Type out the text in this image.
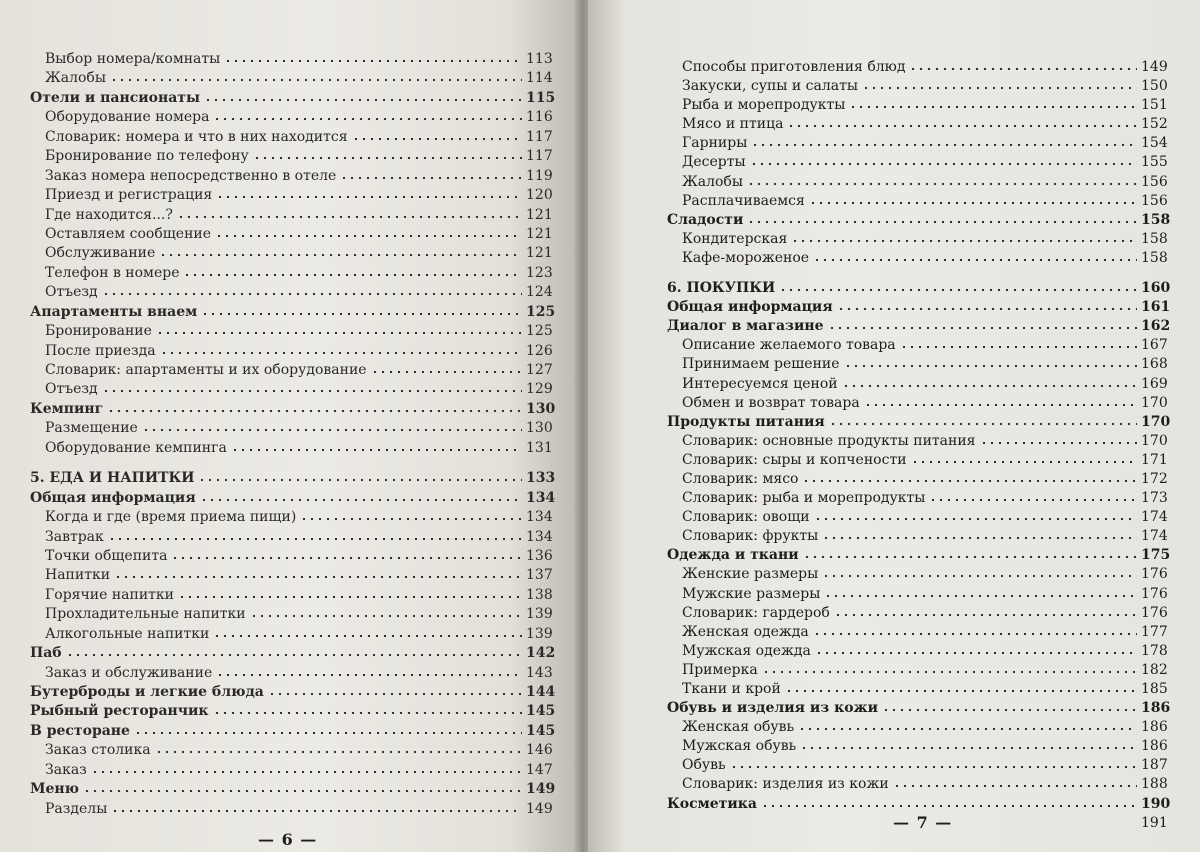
Выбор номера/комнаты	113
Жалобы	114
Отели и пансионаты	115
Оборудование номера	116
Словарик: номера и что в них находится	117
Бронирование по телефону	117
Заказ номера непосредственно в отеле	119
Приезд и регистрация	120
Где находится...?	121
Оставляем сообщение	121
Обслуживание	121
Телефон в номере	123
Отъезд	124
Апартаменты внаем	125
Бронирование	125
После приезда	126
Словарик: апартаменты и их оборудование	127
Отъезд	129
Кемпинг	130
Размещение	130
Оборудование кемпинга	131
5. ЕДА И НАПИТКИ	133
Общая информация	134
Когда и где (время приема пищи)	134
Завтрак	134
Точки общепита	136
Напитки	137
Горячие напитки	138
Прохладительные напитки	139
Алкогольные напитки	139
Паб	142
Заказ и обслуживание	143
Бутерброды и легкие блюда	144
Рыбный ресторанчик	145
В ресторане	145
Заказ столика	146
Заказ	147
Меню	149
Разделы	149
— 6 —
Способы приготовления блюд	149
Закуски, супы и салаты	150
Рыба и морепродукты	151
Мясо и птица	152
Гарниры	154
Десерты	155
Жалобы	156
Расплачиваемся	156
Сладости	158
Кондитерская	158
Кафе-мороженое	158
6. ПОКУПКИ	160
Общая информация	161
Диалог в магазине	162
Описание желаемого товара	167
Принимаем решение	168
Интересуемся ценой	169
Обмен и возврат товара	170
Продукты питания	170
Словарик: основные продукты питания	170
Словарик: сыры и копчености	171
Словарик: мясо	172
Словарик: рыба и морепродукты	173
Словарик: овощи	174
Словарик: фрукты	174
Одежда и ткани	175
Женские размеры	176
Мужские размеры	176
Словарик: гардероб	176
Женская одежда	177
Мужская одежда	178
Примерка	182
Ткани и крой	185
Обувь и изделия из кожи	186
Женская обувь	186
Мужская обувь	186
Обувь	187
Словарик: изделия из кожи	188
Косметика	190
191
— 7 —
